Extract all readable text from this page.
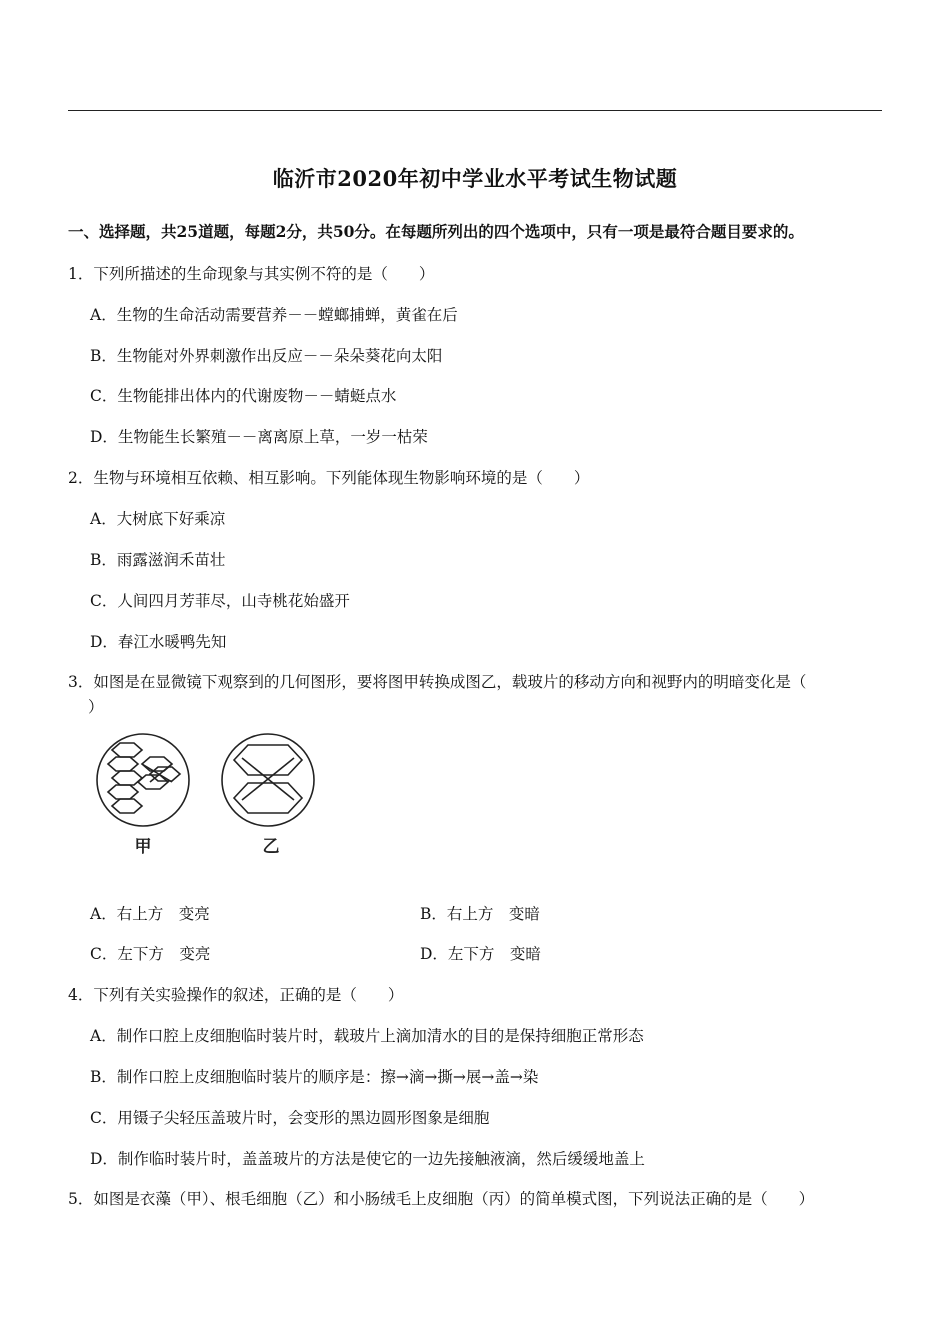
临沂市2020年初中学业水平考试生物试题
一、选择题，共25道题，每题2分，共50分。在每题所列出的四个选项中，只有一项是最符合题目要求的。
1．下列所描述的生命现象与其实例不符的是（　　）
A．生物的生命活动需要营养－－螳螂捕蝉，黄雀在后
B．生物能对外界刺激作出反应－－朵朵葵花向太阳
C．生物能排出体内的代谢废物－－蜻蜓点水
D．生物能生长繁殖－－离离原上草，一岁一枯荣
2．生物与环境相互依赖、相互影响。下列能体现生物影响环境的是（　　）
A．大树底下好乘凉
B．雨露滋润禾苗壮
C．人间四月芳菲尽，山寺桃花始盛开
D．春江水暖鸭先知
3．如图是在显微镜下观察到的几何图形，要将图甲转换成图乙，载玻片的移动方向和视野内的明暗变化是（
）
甲	乙
A．右上方　变亮	B．右上方　变暗
C．左下方　变亮	D．左下方　变暗
4．下列有关实验操作的叙述，正确的是（　　）
A．制作口腔上皮细胞临时装片时，载玻片上滴加清水的目的是保持细胞正常形态
B．制作口腔上皮细胞临时装片的顺序是：擦→滴→撕→展→盖→染
C．用镊子尖轻压盖玻片时，会变形的黑边圆形图象是细胞
D．制作临时装片时，盖盖玻片的方法是使它的一边先接触液滴，然后缓缓地盖上
5．如图是衣藻（甲）、根毛细胞（乙）和小肠绒毛上皮细胞（丙）的简单模式图，下列说法正确的是（　　）
